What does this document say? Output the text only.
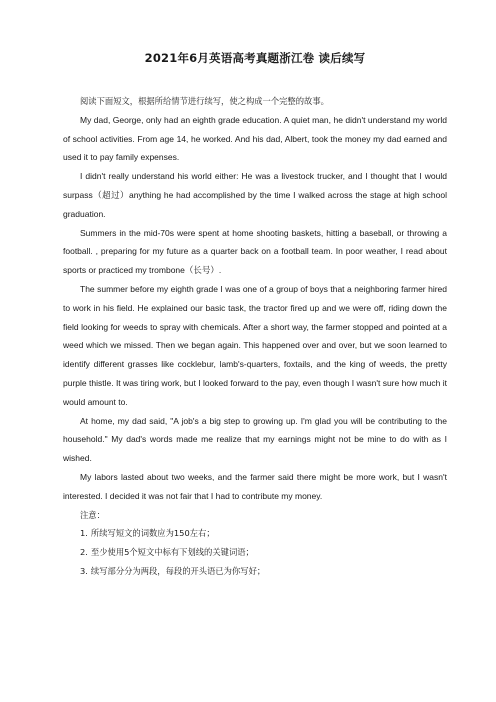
2021年6月英语高考真题浙江卷 读后续写

阅读下面短文，根据所给情节进行续写，使之构成一个完整的故事。

My dad, George, only had an eighth grade education. A quiet man, he didn't understand my world of school activities. From age 14, he worked. And his dad, Albert, took the money my dad earned and used it to pay family expenses.

I didn't really understand his world either: He was a livestock trucker, and I thought that I would surpass（超过）anything he had accomplished by the time I walked across the stage at high school graduation.

Summers in the mid-70s were spent at home shooting baskets, hitting a baseball, or throwing a football. , preparing for my future as a quarter back on a football team. In poor weather, I read about sports or practiced my trombone（长号）.

The summer before my eighth grade I was one of a group of boys that a neighboring farmer hired to work in his field. He explained our basic task, the tractor fired up and we were off, riding down the field looking for weeds to spray with chemicals. After a short way, the farmer stopped and pointed at a weed which we missed. Then we began again. This happened over and over, but we soon learned to identify different grasses like cocklebur, lamb's-quarters, foxtails, and the king of weeds, the pretty purple thistle. It was tiring work, but I looked forward to the pay, even though I wasn't sure how much it would amount to.

At home, my dad said, "A job's a big step to growing up. I'm glad you will be contributing to the household." My dad's words made me realize that my earnings might not be mine to do with as I wished.

My labors lasted about two weeks, and the farmer said there might be more work, but I wasn't interested. I decided it was not fair that I had to contribute my money.

注意：

1. 所续写短文的词数应为150左右；
2. 至少使用5个短文中标有下划线的关键词语；
3. 续写部分分为两段，每段的开头语已为你写好；
